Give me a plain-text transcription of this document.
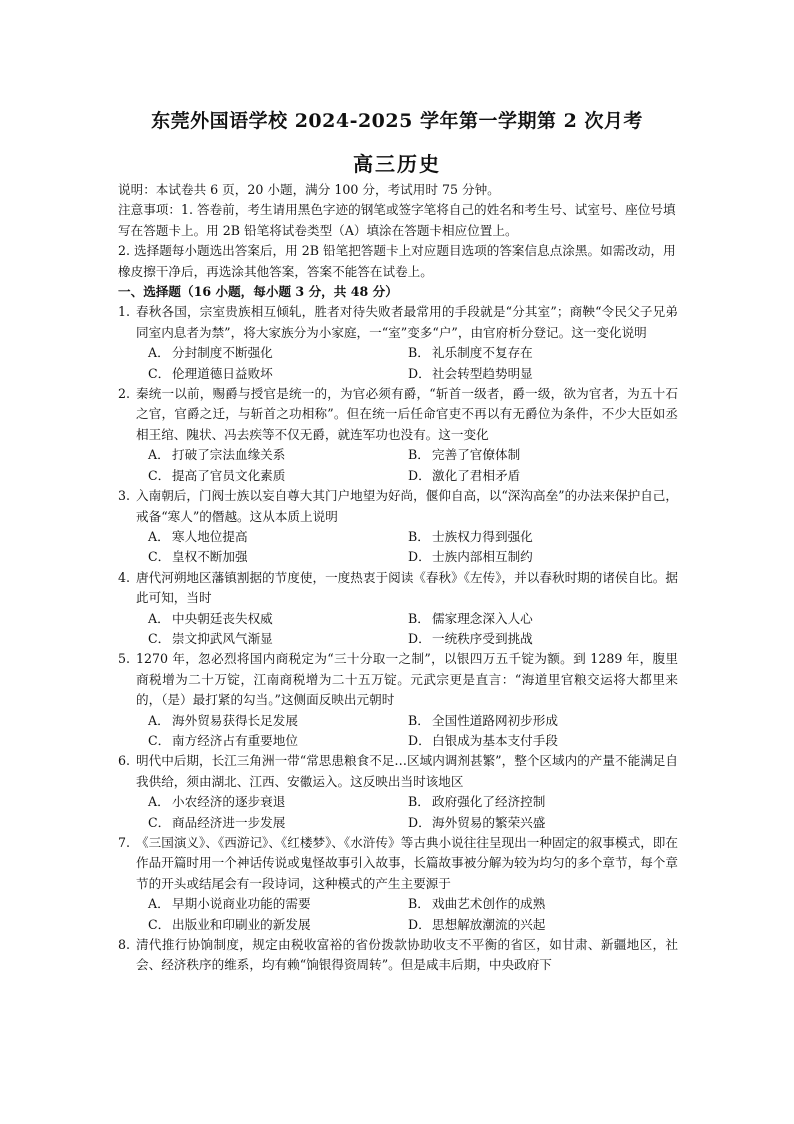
东莞外国语学校 2024-2025 学年第一学期第 2 次月考
高三历史

说明：本试卷共 6 页，20 小题，满分 100 分，考试用时 75 分钟。

注意事项：1. 答卷前，考生请用黑色字迹的钢笔或签字笔将自己的姓名和考生号、试室号、座位号填写在答题卡上。用 2B 铅笔将试卷类型（A）填涂在答题卡相应位置上。

2. 选择题每小题选出答案后，用 2B 铅笔把答题卡上对应题目选项的答案信息点涂黑。如需改动，用橡皮擦干净后，再选涂其他答案，答案不能答在试卷上。

一、选择题（16 小题，每小题 3 分，共 48 分）

1. 春秋各国，宗室贵族相互倾轧，胜者对待失败者最常用的手段就是“分其室”；商鞅“令民父子兄弟同室内息者为禁”，将大家族分为小家庭，一“室”变多“户”，由官府析分登记。这一变化说明

A． 分封制度不断强化	B． 礼乐制度不复存在
C． 伦理道德日益败坏	D．社会转型趋势明显
2. 秦统一以前，赐爵与授官是统一的，为官必须有爵，“斩首一级者，爵一级，欲为官者，为五十石之官，官爵之迁，与斩首之功相称”。但在统一后任命官吏不再以有无爵位为条件，不少大臣如丞相王绾、隗状、冯去疾等不仅无爵，就连军功也没有。这一变化

A． 打破了宗法血缘关系	B． 完善了官僚体制
C． 提高了官员文化素质	D．激化了君相矛盾
3. 入南朝后，门阀士族以妄自尊大其门户地望为好尚，偃仰自高，以“深沟高垒”的办法来保护自己，戒备“寒人”的僭越。这从本质上说明

A． 寒人地位提高	B． 士族权力得到强化
C． 皇权不断加强	D．士族内部相互制约
4. 唐代河朔地区藩镇割据的节度使，一度热衷于阅读《春秋》《左传》，并以春秋时期的诸侯自比。据此可知，当时

A． 中央朝廷丧失权威	B． 儒家理念深入人心
C． 崇文抑武风气渐显	D．一统秩序受到挑战
5. 1270 年，忽必烈将国内商税定为“三十分取一之制”，以银四万五千锭为额。到 1289 年，腹里商税增为二十万锭，江南商税增为二十五万锭。元武宗更是直言：“海道里官粮交运将大都里来的，（是）最打紧的勾当。”这侧面反映出元朝时

A． 海外贸易获得长足发展	B． 全国性道路网初步形成
C． 南方经济占有重要地位	D．白银成为基本支付手段
6. 明代中后期，长江三角洲一带“常思患粮食不足…区域内调剂甚繁”，整个区域内的产量不能满足自我供给，须由湖北、江西、安徽运入。这反映出当时该地区

A． 小农经济的逐步衰退	B． 政府强化了经济控制
C． 商品经济进一步发展	D．海外贸易的繁荣兴盛
7. 《三国演义》、《西游记》、《红楼梦》、《水浒传》等古典小说往往呈现出一种固定的叙事模式，即在作品开篇时用一个神话传说或鬼怪故事引入故事，长篇故事被分解为较为均匀的多个章节，每个章节的开头或结尾会有一段诗词，这种模式的产生主要源于

A． 早期小说商业功能的需要	B． 戏曲艺术创作的成熟
C． 出版业和印刷业的新发展	D．思想解放潮流的兴起
8. 清代推行协饷制度，规定由税收富裕的省份拨款协助收支不平衡的省区，如甘肃、新疆地区，社会、经济秩序的维系，均有赖“饷银得资周转”。但是咸丰后期，中央政府下
